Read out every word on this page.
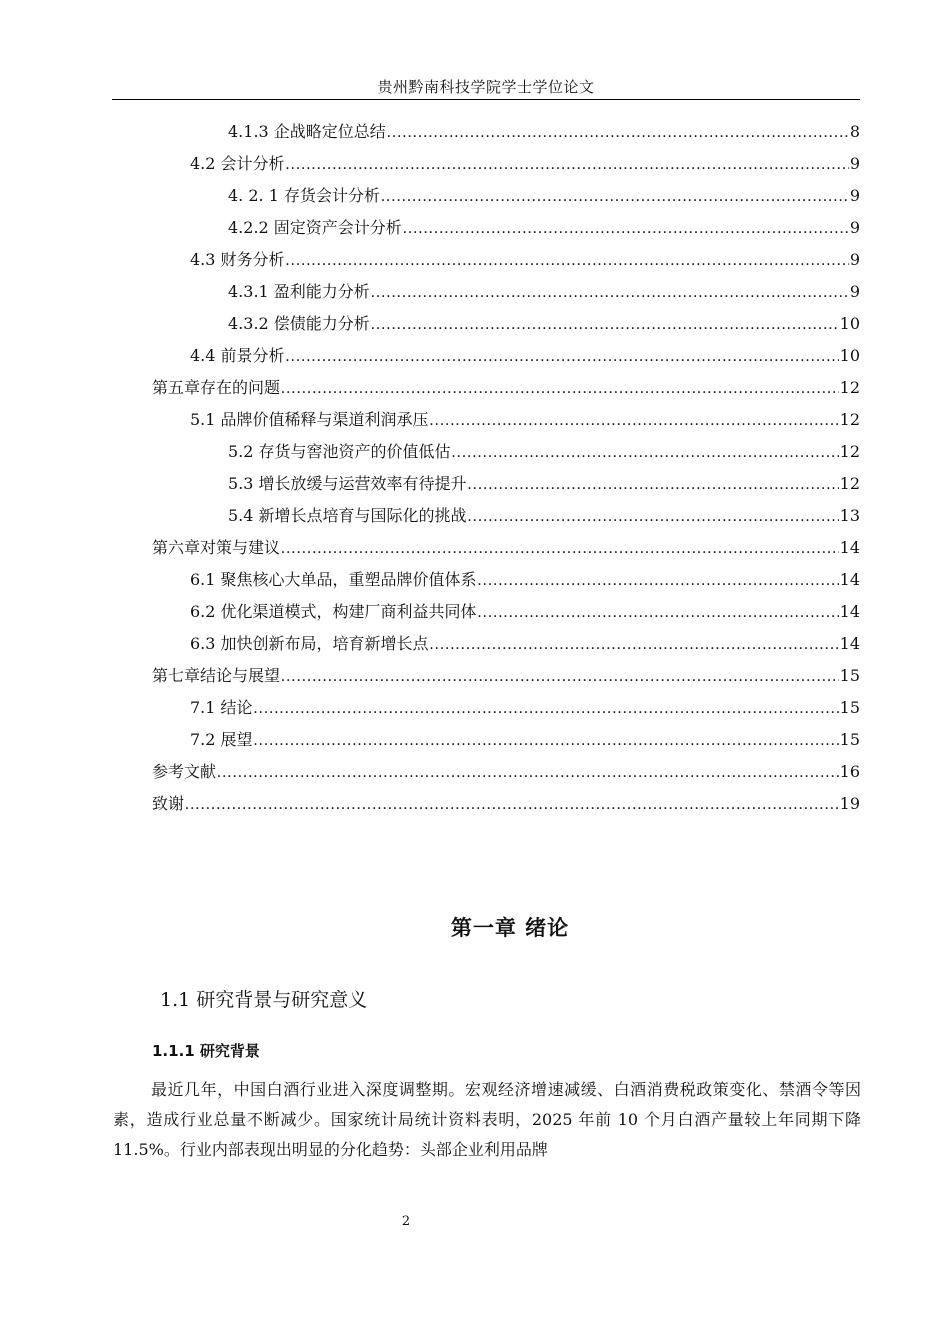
贵州黔南科技学院学士学位论文
4.1.3 企战略定位总结 .....	8
4.2 会计分析 .....	9
4. 2. 1 存货会计分析 .....	9
4.2.2 固定资产会计分析 .....	9
4.3 财务分析 .....	9
4.3.1 盈利能力分析 .....	9
4.3.2 偿债能力分析 .....	10
4.4 前景分析 .....	10
第五章存在的问题 .....	12
5.1 品牌价值稀释与渠道利润承压 .....	12
5.2 存货与窖池资产的价值低估 .....	12
5.3 增长放缓与运营效率有待提升 .....	12
5.4 新增长点培育与国际化的挑战 .....	13
第六章对策与建议 .....	14
6.1 聚焦核心大单品，重塑品牌价值体系 .....	14
6.2 优化渠道模式，构建厂商利益共同体 .....	14
6.3 加快创新布局，培育新增长点 .....	14
第七章结论与展望 .....	15
7.1 结论 .....	15
7.2 展望 .....	15
参考文献 .....	16
致谢 .....	19
第一章 绪论
1.1 研究背景与研究意义
1.1.1 研究背景
最近几年，中国白酒行业进入深度调整期。宏观经济增速减缓、白酒消费税政策变化、禁酒令等因素，造成行业总量不断减少。国家统计局统计资料表明，2025 年前 10 个月白酒产量较上年同期下降 11.5%。行业内部表现出明显的分化趋势：头部企业利用品牌
2
